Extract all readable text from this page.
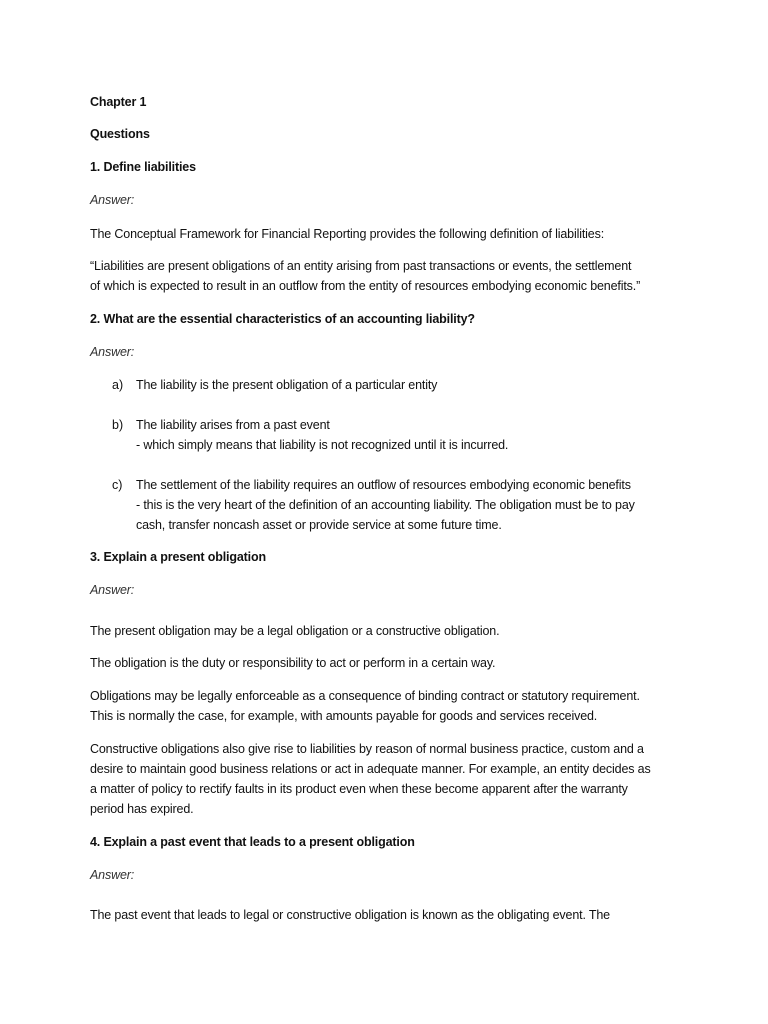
Chapter 1
Questions
1. Define liabilities
Answer:
The Conceptual Framework for Financial Reporting provides the following definition of liabilities:
“Liabilities are present obligations of an entity arising from past transactions or events, the settlement
of which is expected to result in an outflow from the entity of resources embodying economic benefits.”
2. What are the essential characteristics of an accounting liability?
Answer:
a) The liability is the present obligation of a particular entity
b) The liability arises from a past event
- which simply means that liability is not recognized until it is incurred.
c) The settlement of the liability requires an outflow of resources embodying economic benefits
- this is the very heart of the definition of an accounting liability. The obligation must be to pay
cash, transfer noncash asset or provide service at some future time.
3. Explain a present obligation
Answer:
The present obligation may be a legal obligation or a constructive obligation.
The obligation is the duty or responsibility to act or perform in a certain way.
Obligations may be legally enforceable as a consequence of binding contract or statutory requirement.
This is normally the case, for example, with amounts payable for goods and services received.
Constructive obligations also give rise to liabilities by reason of normal business practice, custom and a
desire to maintain good business relations or act in adequate manner. For example, an entity decides as
a matter of policy to rectify faults in its product even when these become apparent after the warranty
period has expired.
4. Explain a past event that leads to a present obligation
Answer:
The past event that leads to legal or constructive obligation is known as the obligating event. The
